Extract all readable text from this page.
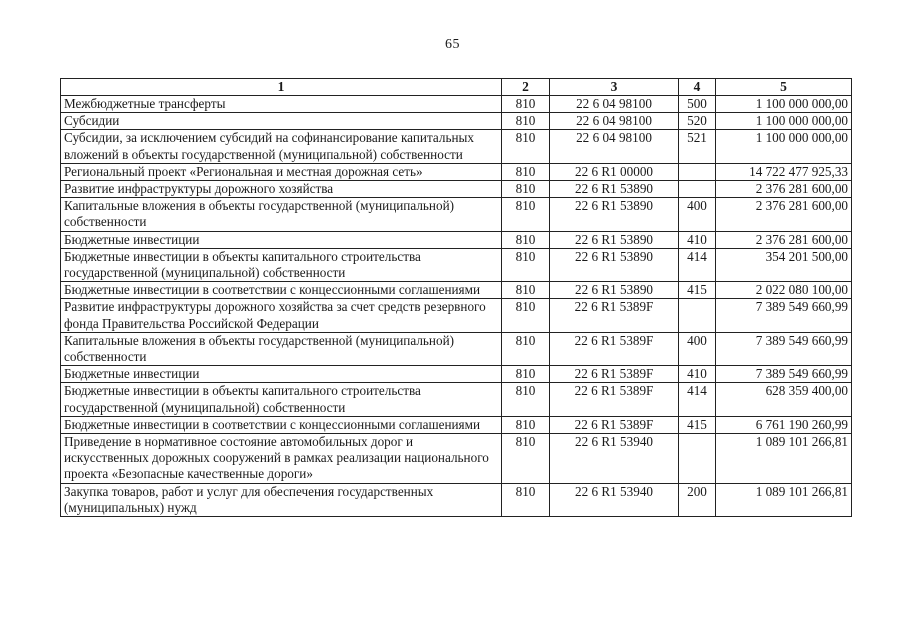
65
1	2	3	4	5
Межбюджетные трансферты	810	22 6 04 98100	500	1 100 000 000,00
Субсидии	810	22 6 04 98100	520	1 100 000 000,00
Субсидии, за исключением субсидий на софинансирование капитальных вложений в объекты государственной (муниципальной) собственности	810	22 6 04 98100	521	1 100 000 000,00
Региональный проект «Региональная и местная дорожная сеть»	810	22 6 R1 00000		14 722 477 925,33
Развитие инфраструктуры дорожного хозяйства	810	22 6 R1 53890		2 376 281 600,00
Капитальные вложения в объекты государственной (муниципальной) собственности	810	22 6 R1 53890	400	2 376 281 600,00
Бюджетные инвестиции	810	22 6 R1 53890	410	2 376 281 600,00
Бюджетные инвестиции в объекты капитального строительства государственной (муниципальной) собственности	810	22 6 R1 53890	414	354 201 500,00
Бюджетные инвестиции в соответствии с концессионными соглашениями	810	22 6 R1 53890	415	2 022 080 100,00
Развитие инфраструктуры дорожного хозяйства за счет средств резервного фонда Правительства Российской Федерации	810	22 6 R1 5389F		7 389 549 660,99
Капитальные вложения в объекты государственной (муниципальной) собственности	810	22 6 R1 5389F	400	7 389 549 660,99
Бюджетные инвестиции	810	22 6 R1 5389F	410	7 389 549 660,99
Бюджетные инвестиции в объекты капитального строительства государственной (муниципальной) собственности	810	22 6 R1 5389F	414	628 359 400,00
Бюджетные инвестиции в соответствии с концессионными соглашениями	810	22 6 R1 5389F	415	6 761 190 260,99
Приведение в нормативное состояние автомобильных дорог и искусственных дорожных сооружений в рамках реализации национального проекта «Безопасные качественные дороги»	810	22 6 R1 53940		1 089 101 266,81
Закупка товаров, работ и услуг для обеспечения государственных (муниципальных) нужд	810	22 6 R1 53940	200	1 089 101 266,81
